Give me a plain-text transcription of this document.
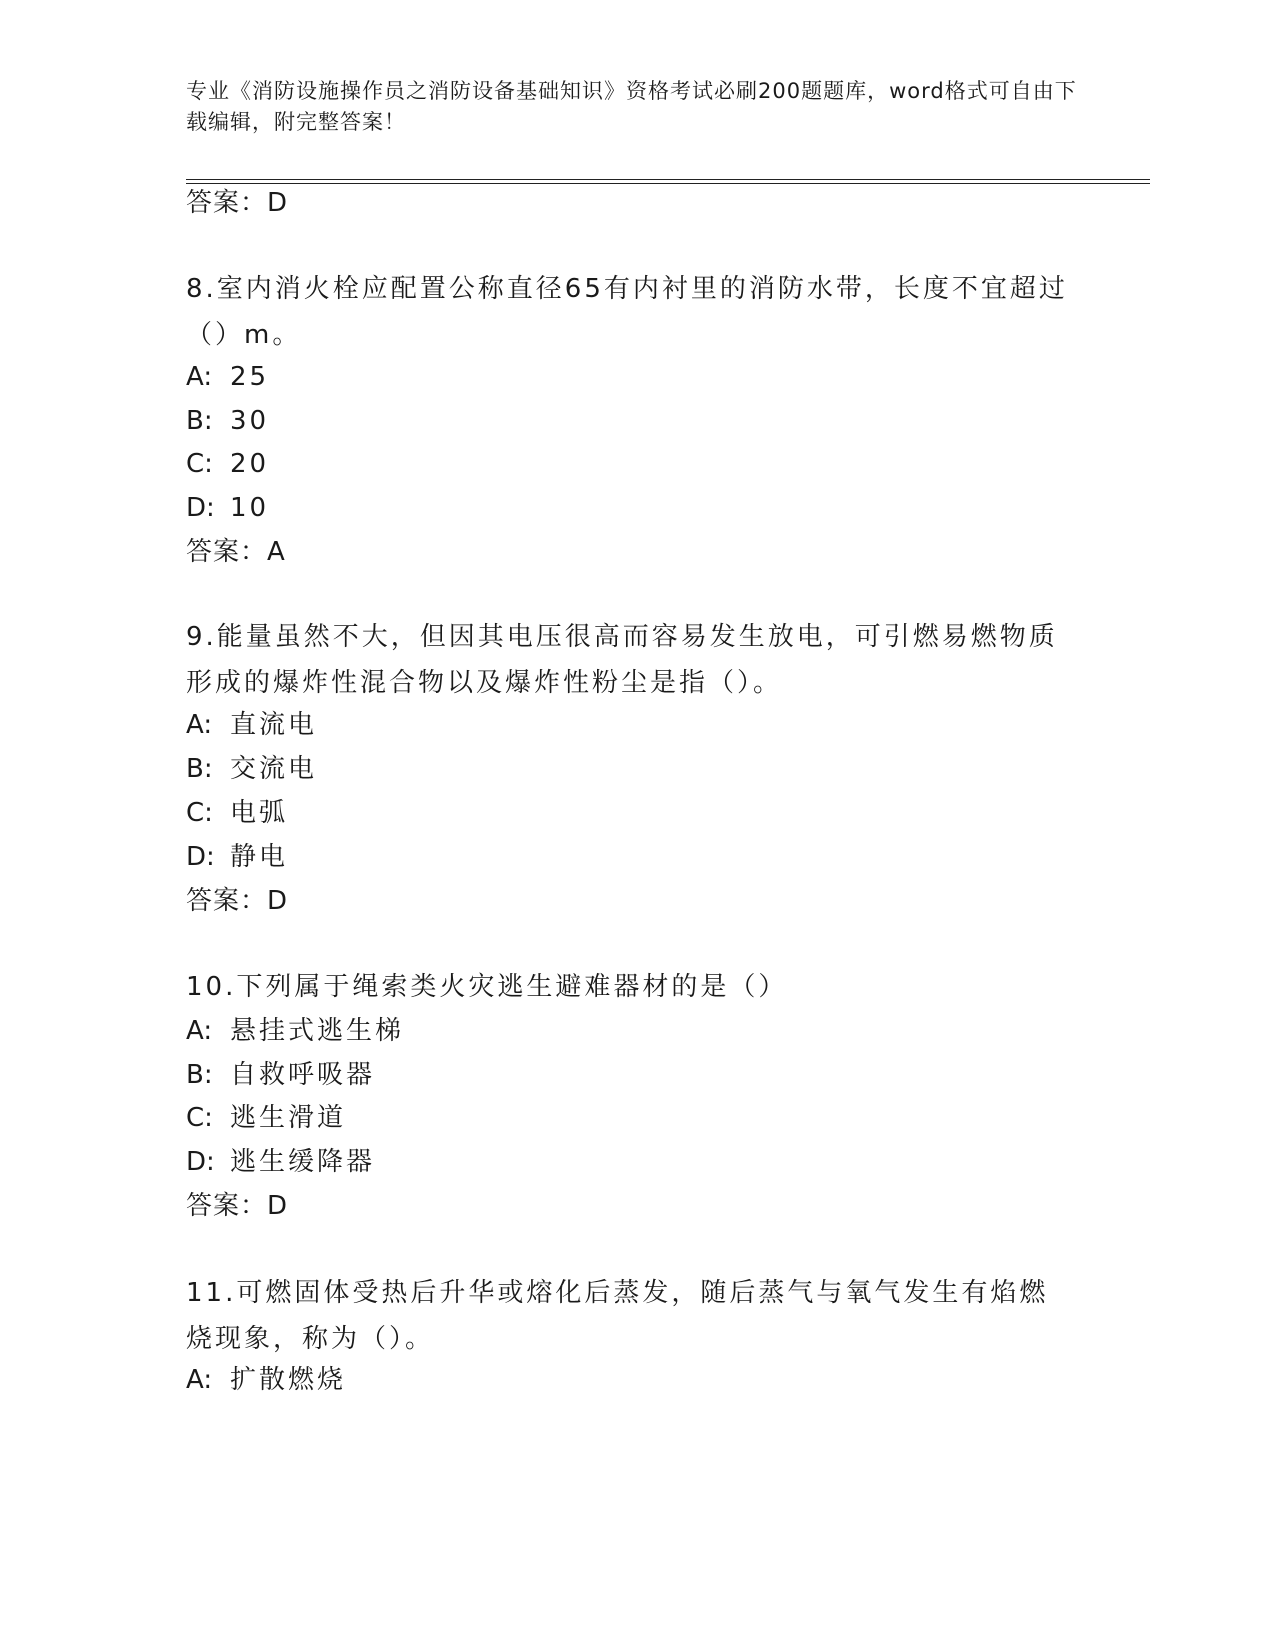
专业《消防设施操作员之消防设备基础知识》资格考试必刷200题题库，word格式可自由下载编辑，附完整答案！
答案：D
8.室内消火栓应配置公称直径65有内衬里的消防水带，长度不宜超过（）m。
A: 25
B: 30
C: 20
D: 10
答案：A
9.能量虽然不大，但因其电压很高而容易发生放电，可引燃易燃物质形成的爆炸性混合物以及爆炸性粉尘是指（）。
A: 直流电
B: 交流电
C: 电弧
D: 静电
答案：D
10.下列属于绳索类火灾逃生避难器材的是（）
A: 悬挂式逃生梯
B: 自救呼吸器
C: 逃生滑道
D: 逃生缓降器
答案：D
11.可燃固体受热后升华或熔化后蒸发，随后蒸气与氧气发生有焰燃烧现象，称为（）。
A: 扩散燃烧
